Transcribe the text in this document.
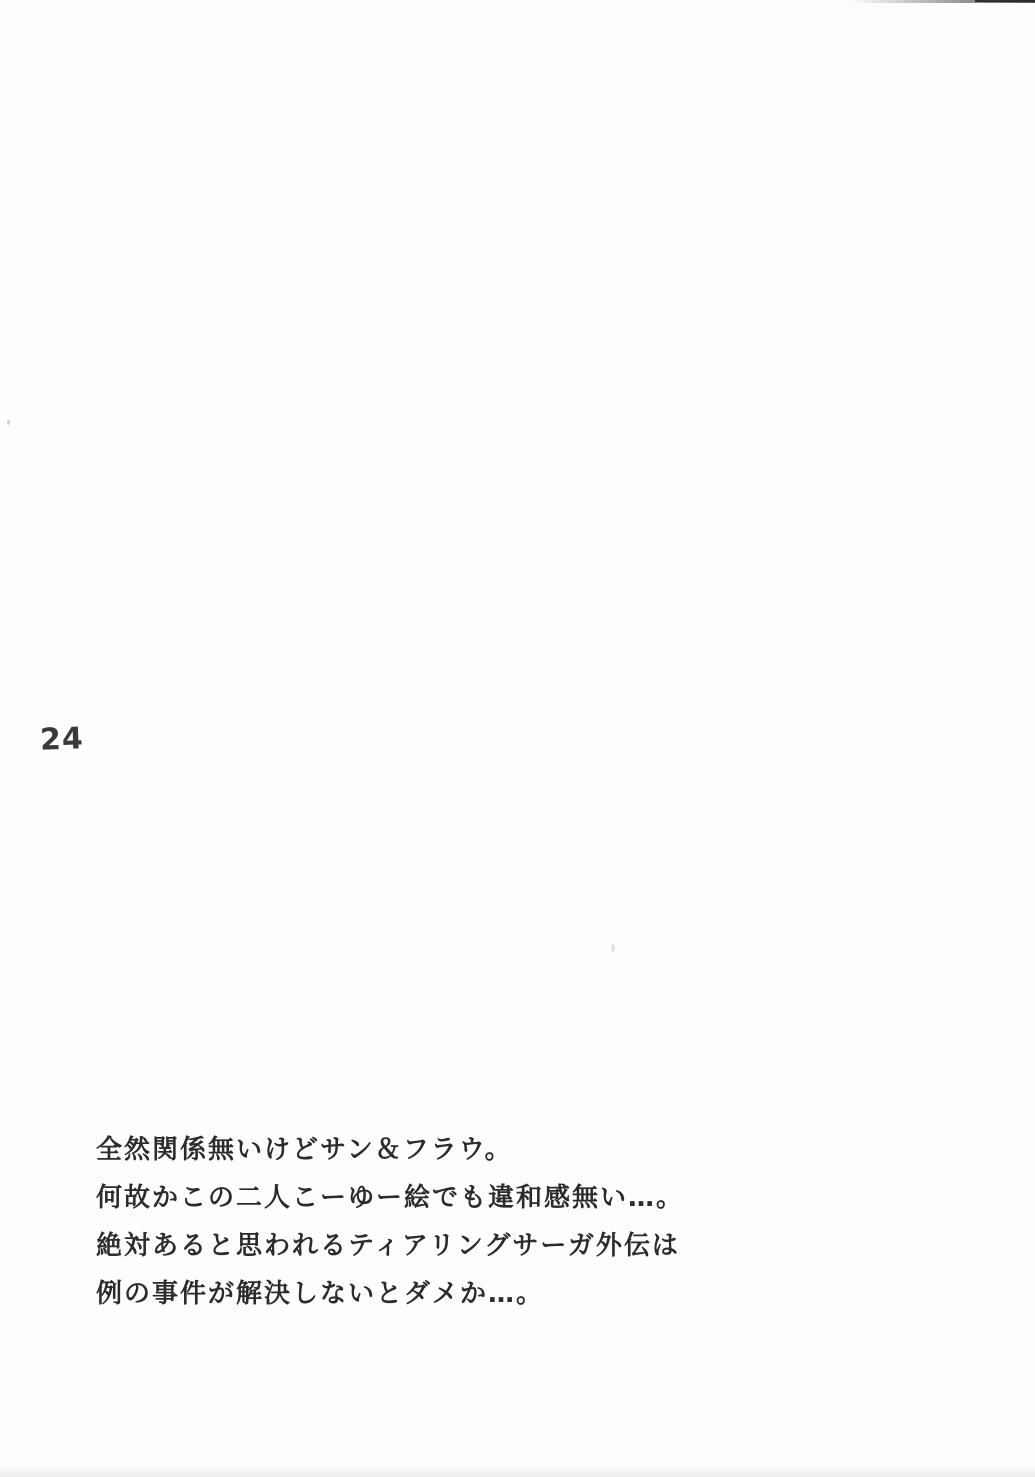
24
全然関係無いけどサン＆フラウ。
何故かこの二人こーゆー絵でも違和感無い…。
絶対あると思われるティアリングサーガ外伝は
例の事件が解決しないとダメか…。
